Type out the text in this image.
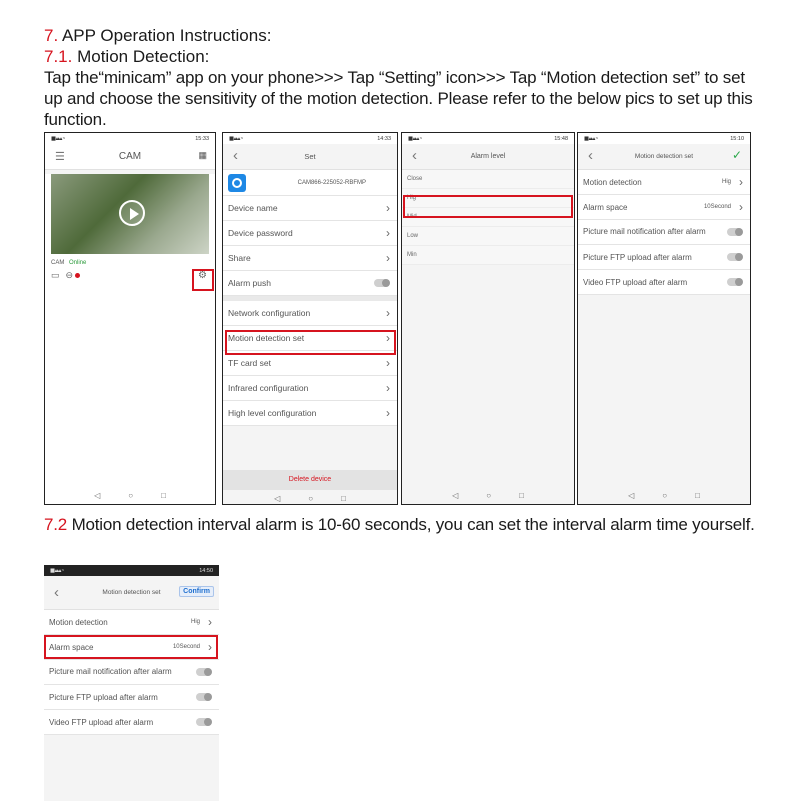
7. APP Operation Instructions:
7.1. Motion Detection:
Tap the“minicam” app on your phone>>> Tap “Setting” icon>>> Tap “Motion detection set” to set up and choose the sensitivity of the motion detection. Please refer to the below pics to set up this function.
▮▮ ▴▴ ▴ ◔
15:33
☰	CAM	▦
CAM Online
▭ ⊖	⚙
◁	○	□
▮▮ ▴▴ ▴ ◔
14:33
‹	Set
CAM866-225052-RBFMP
Device name	›
Device password	›
Share	›
Alarm push
Network configuration	›
Motion detection set	›
TF card set	›
Infrared configuration	›
High level configuration	›
Delete device
◁	○	□
▮▮ ▴▴ ▴ ◔
15:48
‹	Alarm level
Close
Hig
Mid
Low
Min
◁	○	□
▮▮ ▴▴ ▴ ◔
15:10
‹	Motion detection set	✓
Motion detection	Hig ›
Alarm space	10Second ›
Picture mail notification after alarm
Picture FTP upload after alarm
Video FTP upload after alarm
◁	○	□
7.2 Motion detection interval alarm is 10-60 seconds, you can set the interval alarm time yourself.
▮▮ ▴▴ ▴ ◔
14:50
‹	Motion detection set	Confirm
Motion detection	Hig ›
Alarm space	10Second ›
Picture mail notification after alarm
Picture FTP upload after alarm
Video FTP upload after alarm
